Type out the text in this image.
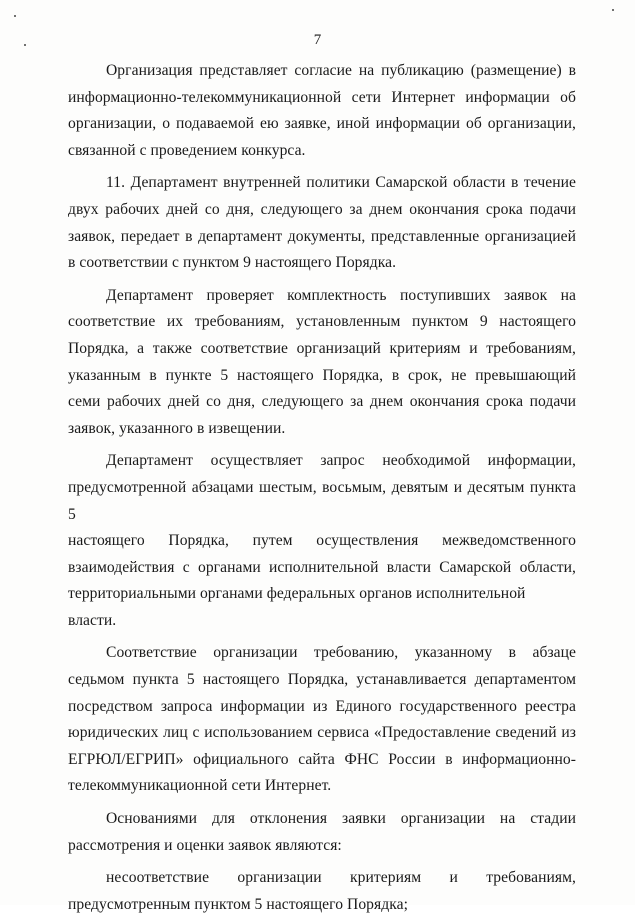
7

Организация представляет согласие на публикацию (размещение) в
информационно-телекоммуникационной сети Интернет информации об
организации, о подаваемой ею заявке, иной информации об организации,
связанной с проведением конкурса.

11. Департамент внутренней политики Самарской области в течение
двух рабочих дней со дня, следующего за днем окончания срока подачи
заявок, передает в департамент документы, представленные организацией
в соответствии с пунктом 9 настоящего Порядка.

Департамент проверяет комплектность поступивших заявок на
соответствие их требованиям, установленным пунктом 9 настоящего
Порядка, а также соответствие организаций критериям и требованиям,
указанным в пункте 5 настоящего Порядка, в срок, не превышающий
семи рабочих дней со дня, следующего за днем окончания срока подачи
заявок, указанного в извещении.

Департамент осуществляет запрос необходимой информации,
предусмотренной абзацами шестым, восьмым, девятым и десятым пункта 5
настоящего Порядка, путем осуществления межведомственного
взаимодействия с органами исполнительной власти Самарской области,
территориальными органами федеральных органов исполнительной власти.

Соответствие организации требованию, указанному в абзаце
седьмом пункта 5 настоящего Порядка, устанавливается департаментом
посредством запроса информации из Единого государственного реестра
юридических лиц с использованием сервиса «Предоставление сведений из
ЕГРЮЛ/ЕГРИП» официального сайта ФНС России в информационно-
телекоммуникационной сети Интернет.

Основаниями для отклонения заявки организации на стадии
рассмотрения и оценки заявок являются:

несоответствие организации критериям и требованиям,
предусмотренным пунктом 5 настоящего Порядка;
